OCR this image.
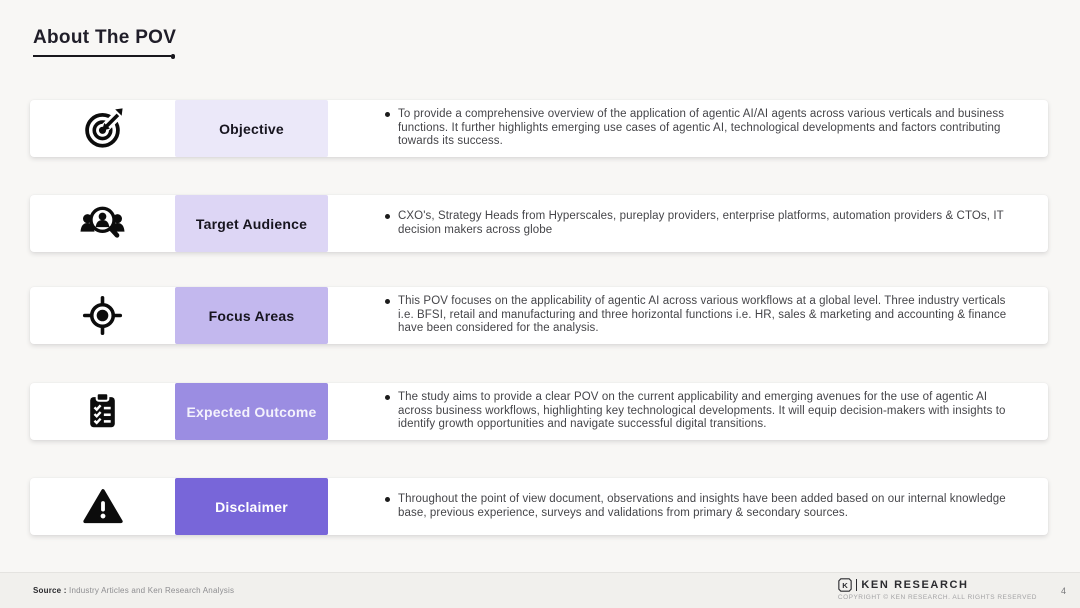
About The POV
Objective
To provide a comprehensive overview of the application of agentic AI/AI agents across various verticals and business functions. It further highlights emerging use cases of agentic AI, technological developments and factors contributing towards its success.
Target Audience	CXO's, Strategy Heads from Hyperscales, pureplay providers, enterprise platforms, automation providers & CTOs, IT decision makers across globe
Focus Areas
This POV focuses on the applicability of agentic AI across various workflows at a global level. Three industry verticals i.e. BFSI, retail and manufacturing and three horizontal functions i.e. HR, sales & marketing and accounting & finance have been considered for the analysis.
Expected Outcome
The study aims to provide a clear POV on the current applicability and emerging avenues for the use of agentic AI across business workflows, highlighting key technological developments. It will equip decision-makers with insights to identify growth opportunities and navigate successful digital transitions.
Disclaimer	Throughout the point of view document, observations and insights have been added based on our internal knowledge base, previous experience, surveys and validations from primary & secondary sources.
Source : Industry Articles and Ken Research Analysis
K KEN RESEARCH
COPYRIGHT © KEN RESEARCH. ALL RIGHTS RESERVED
4
